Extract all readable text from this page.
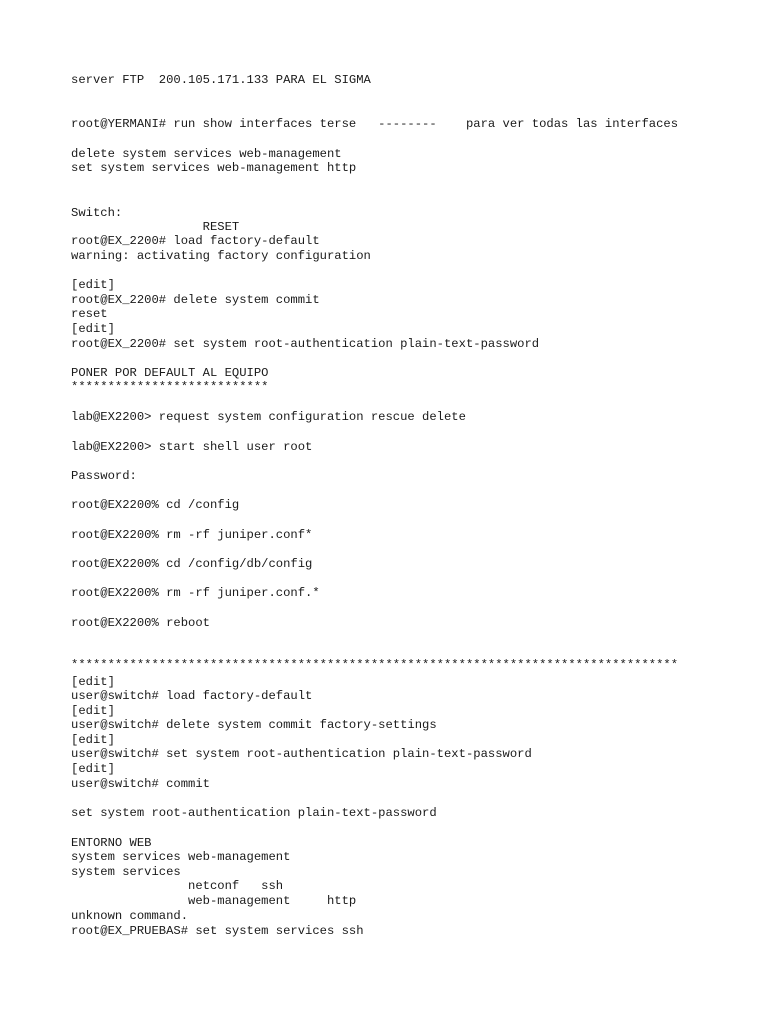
server FTP  200.105.171.133 PARA EL SIGMA
root@YERMANI# run show interfaces terse   --------    para ver todas las interfaces
delete system services web-management
set system services web-management http
Switch:
RESET
root@EX_2200# load factory-default
warning: activating factory configuration
[edit]
root@EX_2200# delete system commit
reset
[edit]
root@EX_2200# set system root-authentication plain-text-password
PONER POR DEFAULT AL EQUIPO
***************************
lab@EX2200> request system configuration rescue delete
lab@EX2200> start shell user root
Password:
root@EX2200% cd /config
root@EX2200% rm -rf juniper.conf*
root@EX2200% cd /config/db/config
root@EX2200% rm -rf juniper.conf.*
root@EX2200% reboot
***********************************************************************************
[edit]
user@switch# load factory-default
[edit]
user@switch# delete system commit factory-settings
[edit]
user@switch# set system root-authentication plain-text-password
[edit]
user@switch# commit
set system root-authentication plain-text-password
ENTORNO WEB
system services web-management
system services
netconf   ssh
web-management     http
unknown command.
root@EX_PRUEBAS# set system services ssh
